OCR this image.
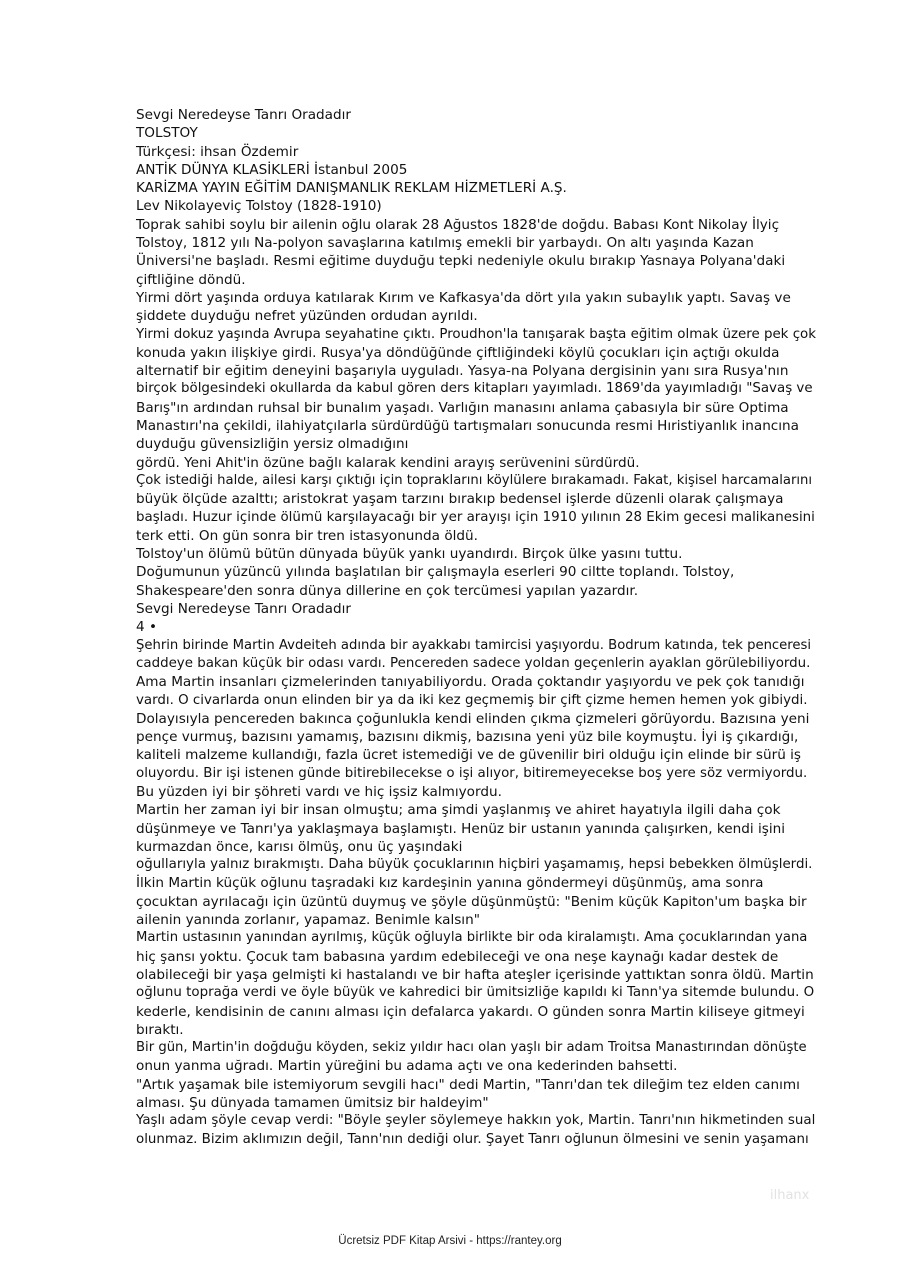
Sevgi Neredeyse Tanrı Oradadır
TOLSTOY
Türkçesi: ihsan Özdemir
ANTİK DÜNYA KLASİKLERİ İstanbul 2005
KARİZMA YAYIN EĞİTİM DANIŞMANLIK REKLAM HİZMETLERİ A.Ş.
Lev Nikolayeviç Tolstoy (1828-1910)
Toprak sahibi soylu bir ailenin oğlu olarak 28 Ağustos 1828'de doğdu. Babası Kont Nikolay İlyiç
Tolstoy, 1812 yılı Na-polyon savaşlarına katılmış emekli bir yarbaydı. On altı yaşında Kazan
Üniversi'ne başladı. Resmi eğitime duyduğu tepki nedeniyle okulu bırakıp Yasnaya Polyana'daki
çiftliğine döndü.
Yirmi dört yaşında orduya katılarak Kırım ve Kafkasya'da dört yıla yakın subaylık yaptı. Savaş ve
şiddete duyduğu nefret yüzünden ordudan ayrıldı.
Yirmi dokuz yaşında Avrupa seyahatine çıktı. Proudhon'la tanışarak başta eğitim olmak üzere pek çok
konuda yakın ilişkiye girdi. Rusya'ya döndüğünde çiftliğindeki köylü çocukları için açtığı okulda
alternatif bir eğitim deneyini başarıyla uyguladı. Yasya-na Polyana dergisinin yanı sıra Rusya'nın
birçok bölgesindeki okullarda da kabul gören ders kitapları yayımladı. 1869'da yayımladığı "Savaş ve
Barış"ın ardından ruhsal bir bunalım yaşadı. Varlığın manasını anlama çabasıyla bir süre Optima
Manastırı'na çekildi, ilahiyatçılarla sürdürdüğü tartışmaları sonucunda resmi Hıristiyanlık inancına
duyduğu güvensizliğin yersiz olmadığını
gördü. Yeni Ahit'in özüne bağlı kalarak kendini arayış serüvenini sürdürdü.
Çok istediği halde, ailesi karşı çıktığı için topraklarını köylülere bırakamadı. Fakat, kişisel harcamalarını
büyük ölçüde azalttı; aristokrat yaşam tarzını bırakıp bedensel işlerde düzenli olarak çalışmaya
başladı. Huzur içinde ölümü karşılayacağı bir yer arayışı için 1910 yılının 28 Ekim gecesi malikanesini
terk etti. On gün sonra bir tren istasyonunda öldü.
Tolstoy'un ölümü bütün dünyada büyük yankı uyandırdı. Birçok ülke yasını tuttu.
Doğumunun yüzüncü yılında başlatılan bir çalışmayla eserleri 90 ciltte toplandı. Tolstoy,
Shakespeare'den sonra dünya dillerine en çok tercümesi yapılan yazardır.
Sevgi Neredeyse Tanrı Oradadır
4 •
Şehrin birinde Martin Avdeiteh adında bir ayakkabı tamircisi yaşıyordu. Bodrum katında, tek penceresi
caddeye bakan küçük bir odası vardı. Pencereden sadece yoldan geçenlerin ayaklan görülebiliyordu.
Ama Martin insanları çizmelerinden tanıyabiliyordu. Orada çoktandır yaşıyordu ve pek çok tanıdığı
vardı. O civarlarda onun elinden bir ya da iki kez geçmemiş bir çift çizme hemen hemen yok gibiydi.
Dolayısıyla pencereden bakınca çoğunlukla kendi elinden çıkma çizmeleri görüyordu. Bazısına yeni
pençe vurmuş, bazısını yamamış, bazısını dikmiş, bazısına yeni yüz bile koymuştu. İyi iş çıkardığı,
kaliteli malzeme kullandığı, fazla ücret istemediği ve de güvenilir biri olduğu için elinde bir sürü iş
oluyordu. Bir işi istenen günde bitirebilecekse o işi alıyor, bitiremeyecekse boş yere söz vermiyordu.
Bu yüzden iyi bir şöhreti vardı ve hiç işsiz kalmıyordu.
Martin her zaman iyi bir insan olmuştu; ama şimdi yaşlanmış ve ahiret hayatıyla ilgili daha çok
düşünmeye ve Tanrı'ya yaklaşmaya başlamıştı. Henüz bir ustanın yanında çalışırken, kendi işini
kurmazdan önce, karısı ölmüş, onu üç yaşındaki
oğullarıyla yalnız bırakmıştı. Daha büyük çocuklarının hiçbiri yaşamamış, hepsi bebekken ölmüşlerdi.
İlkin Martin küçük oğlunu taşradaki kız kardeşinin yanına göndermeyi düşünmüş, ama sonra
çocuktan ayrılacağı için üzüntü duymuş ve şöyle düşünmüştü: "Benim küçük Kapiton'um başka bir
ailenin yanında zorlanır, yapamaz. Benimle kalsın"
Martin ustasının yanından ayrılmış, küçük oğluyla birlikte bir oda kiralamıştı. Ama çocuklarından yana
hiç şansı yoktu. Çocuk tam babasına yardım edebileceği ve ona neşe kaynağı kadar destek de
olabileceği bir yaşa gelmişti ki hastalandı ve bir hafta ateşler içerisinde yattıktan sonra öldü. Martin
oğlunu toprağa verdi ve öyle büyük ve kahredici bir ümitsizliğe kapıldı ki Tann'ya sitemde bulundu. O
kederle, kendisinin de canını alması için defalarca yakardı. O günden sonra Martin kiliseye gitmeyi
bıraktı.
Bir gün, Martin'in doğduğu köyden, sekiz yıldır hacı olan yaşlı bir adam Troitsa Manastırından dönüşte
onun yanma uğradı. Martin yüreğini bu adama açtı ve ona kederinden bahsetti.
"Artık yaşamak bile istemiyorum sevgili hacı" dedi Martin, "Tanrı'dan tek dileğim tez elden canımı
alması. Şu dünyada tamamen ümitsiz bir haldeyim"
Yaşlı adam şöyle cevap verdi: "Böyle şeyler söylemeye hakkın yok, Martin. Tanrı'nın hikmetinden sual
olunmaz. Bizim aklımızın değil, Tann'nın dediği olur. Şayet Tanrı oğlunun ölmesini ve senin yaşamanı
ilhanx
Ücretsiz PDF Kitap Arsivi - https://rantey.org
